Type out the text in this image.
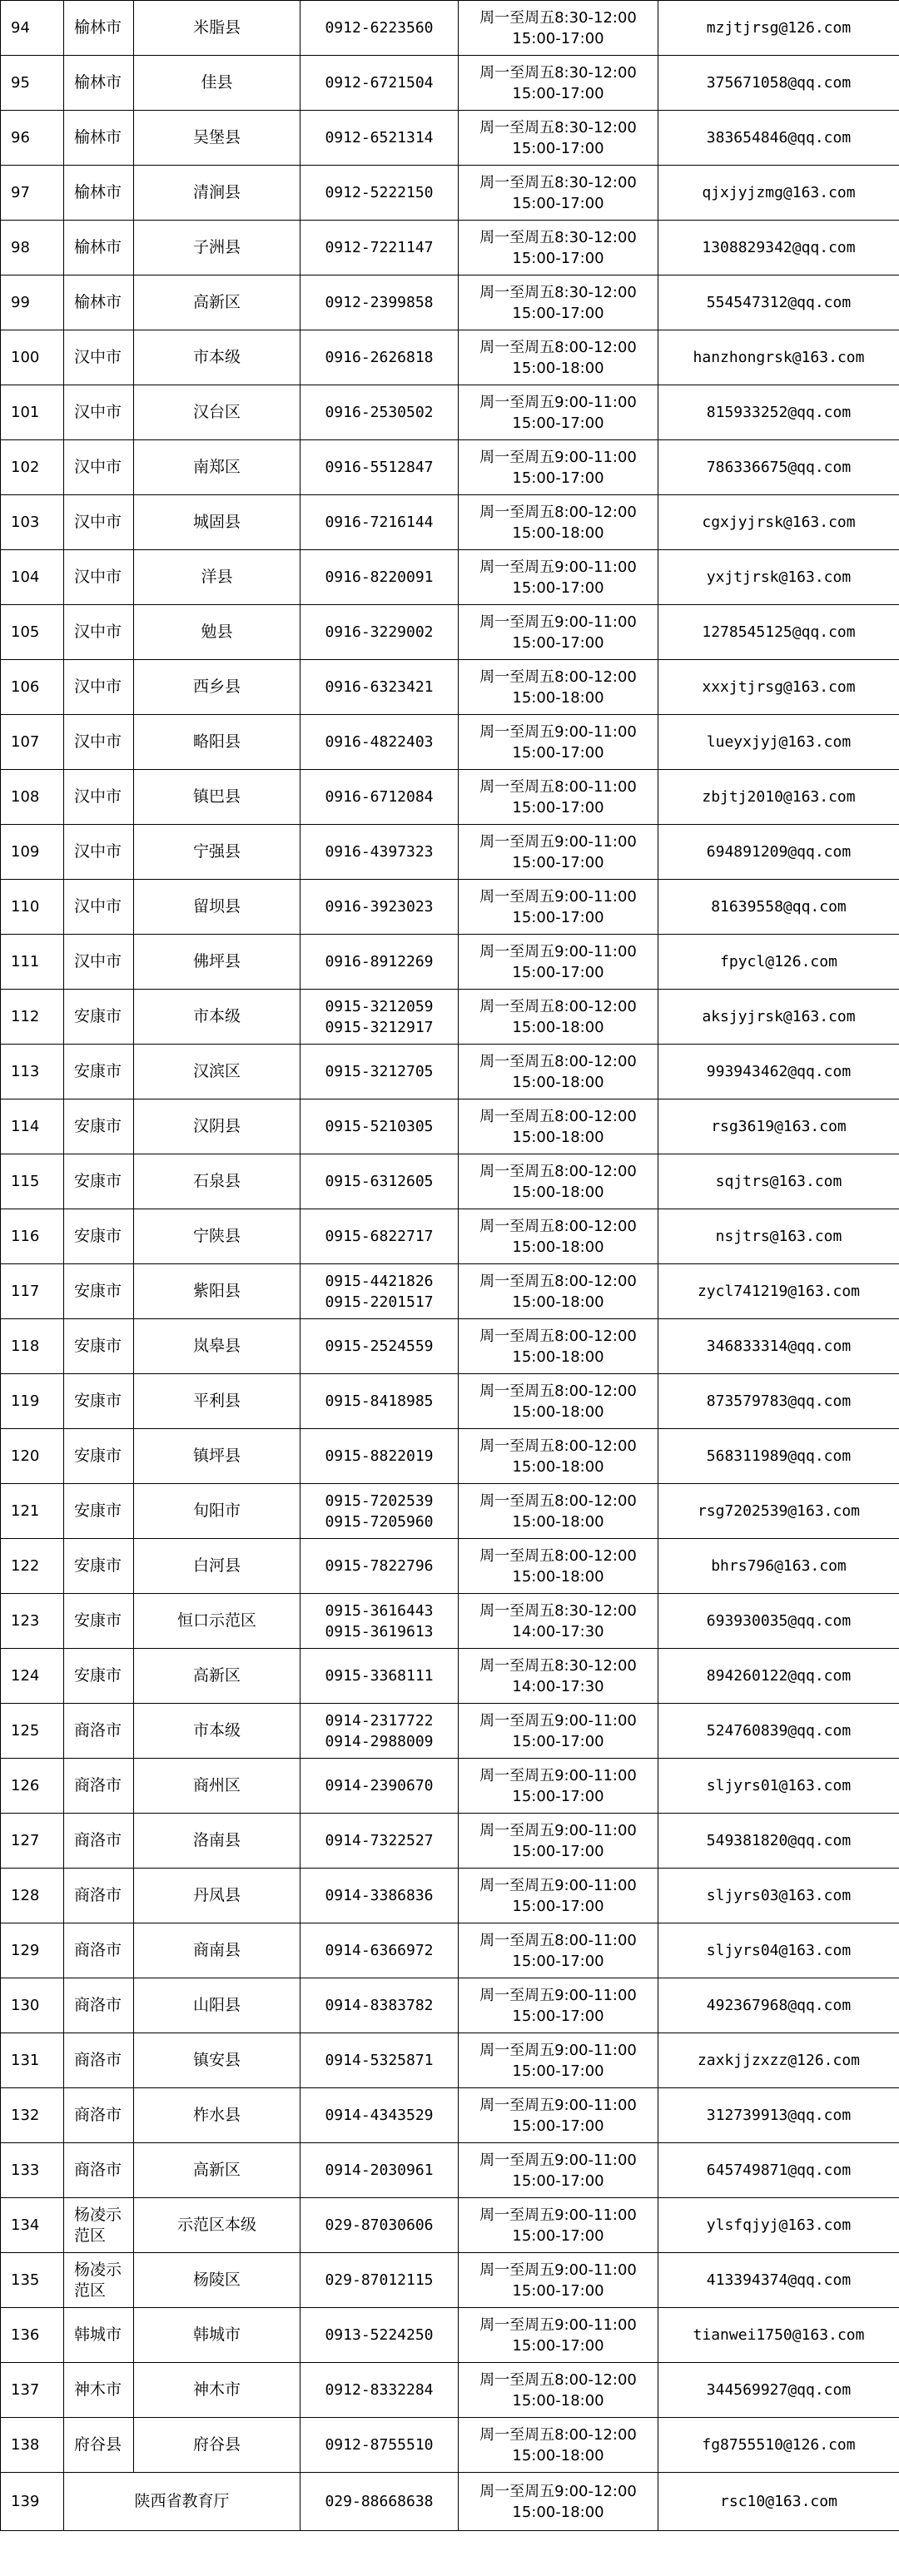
94	榆林市	米脂县	0912-6223560	周一至周五8:30-12:00
15:00-17:00	mzjtjrsg@126.com
95	榆林市	佳县	0912-6721504	周一至周五8:30-12:00
15:00-17:00	375671058@qq.com
96	榆林市	吴堡县	0912-6521314	周一至周五8:30-12:00
15:00-17:00	383654846@qq.com
97	榆林市	清涧县	0912-5222150	周一至周五8:30-12:00
15:00-17:00	qjxjyjzmg@163.com
98	榆林市	子洲县	0912-7221147	周一至周五8:30-12:00
15:00-17:00	1308829342@qq.com
99	榆林市	高新区	0912-2399858	周一至周五8:30-12:00
15:00-17:00	554547312@qq.com
100	汉中市	市本级	0916-2626818	周一至周五8:00-12:00
15:00-18:00	hanzhongrsk@163.com
101	汉中市	汉台区	0916-2530502	周一至周五9:00-11:00
15:00-17:00	815933252@qq.com
102	汉中市	南郑区	0916-5512847	周一至周五9:00-11:00
15:00-17:00	786336675@qq.com
103	汉中市	城固县	0916-7216144	周一至周五8:00-12:00
15:00-18:00	cgxjyjrsk@163.com
104	汉中市	洋县	0916-8220091	周一至周五9:00-11:00
15:00-17:00	yxjtjrsk@163.com
105	汉中市	勉县	0916-3229002	周一至周五9:00-11:00
15:00-17:00	1278545125@qq.com
106	汉中市	西乡县	0916-6323421	周一至周五8:00-12:00
15:00-18:00	xxxjtjrsg@163.com
107	汉中市	略阳县	0916-4822403	周一至周五9:00-11:00
15:00-17:00	lueyxjyj@163.com
108	汉中市	镇巴县	0916-6712084	周一至周五8:00-11:00
15:00-17:00	zbjtj2010@163.com
109	汉中市	宁强县	0916-4397323	周一至周五9:00-11:00
15:00-17:00	694891209@qq.com
110	汉中市	留坝县	0916-3923023	周一至周五9:00-11:00
15:00-17:00	81639558@qq.com
111	汉中市	佛坪县	0916-8912269	周一至周五9:00-11:00
15:00-17:00	fpycl@126.com
112	安康市	市本级	0915-3212059
0915-3212917	周一至周五8:00-12:00
15:00-18:00	aksjyjrsk@163.com
113	安康市	汉滨区	0915-3212705	周一至周五8:00-12:00
15:00-18:00	993943462@qq.com
114	安康市	汉阴县	0915-5210305	周一至周五8:00-12:00
15:00-18:00	rsg3619@163.com
115	安康市	石泉县	0915-6312605	周一至周五8:00-12:00
15:00-18:00	sqjtrs@163.com
116	安康市	宁陕县	0915-6822717	周一至周五8:00-12:00
15:00-18:00	nsjtrs@163.com
117	安康市	紫阳县	0915-4421826
0915-2201517	周一至周五8:00-12:00
15:00-18:00	zycl741219@163.com
118	安康市	岚皋县	0915-2524559	周一至周五8:00-12:00
15:00-18:00	346833314@qq.com
119	安康市	平利县	0915-8418985	周一至周五8:00-12:00
15:00-18:00	873579783@qq.com
120	安康市	镇坪县	0915-8822019	周一至周五8:00-12:00
15:00-18:00	568311989@qq.com
121	安康市	旬阳市	0915-7202539
0915-7205960	周一至周五8:00-12:00
15:00-18:00	rsg7202539@163.com
122	安康市	白河县	0915-7822796	周一至周五8:00-12:00
15:00-18:00	bhrs796@163.com
123	安康市	恒口示范区	0915-3616443
0915-3619613	周一至周五8:30-12:00
14:00-17:30	693930035@qq.com
124	安康市	高新区	0915-3368111	周一至周五8:30-12:00
14:00-17:30	894260122@qq.com
125	商洛市	市本级	0914-2317722
0914-2988009	周一至周五9:00-11:00
15:00-17:00	524760839@qq.com
126	商洛市	商州区	0914-2390670	周一至周五9:00-11:00
15:00-17:00	sljyrs01@163.com
127	商洛市	洛南县	0914-7322527	周一至周五9:00-11:00
15:00-17:00	549381820@qq.com
128	商洛市	丹凤县	0914-3386836	周一至周五9:00-11:00
15:00-17:00	sljyrs03@163.com
129	商洛市	商南县	0914-6366972	周一至周五8:00-11:00
15:00-17:00	sljyrs04@163.com
130	商洛市	山阳县	0914-8383782	周一至周五9:00-11:00
15:00-17:00	492367968@qq.com
131	商洛市	镇安县	0914-5325871	周一至周五9:00-11:00
15:00-17:00	zaxkjjzxzz@126.com
132	商洛市	柞水县	0914-4343529	周一至周五9:00-11:00
15:00-17:00	312739913@qq.com
133	商洛市	高新区	0914-2030961	周一至周五9:00-11:00
15:00-17:00	645749871@qq.com
134	杨凌示
范区	示范区本级	029-87030606	周一至周五9:00-11:00
15:00-17:00	ylsfqjyj@163.com
135	杨凌示
范区	杨陵区	029-87012115	周一至周五9:00-11:00
15:00-17:00	413394374@qq.com
136	韩城市	韩城市	0913-5224250	周一至周五9:00-11:00
15:00-17:00	tianwei1750@163.com
137	神木市	神木市	0912-8332284	周一至周五8:00-12:00
15:00-18:00	344569927@qq.com
138	府谷县	府谷县	0912-8755510	周一至周五8:00-12:00
15:00-18:00	fg8755510@126.com
139	陕西省教育厅		029-88668638	周一至周五9:00-12:00
15:00-18:00	rsc10@163.com
